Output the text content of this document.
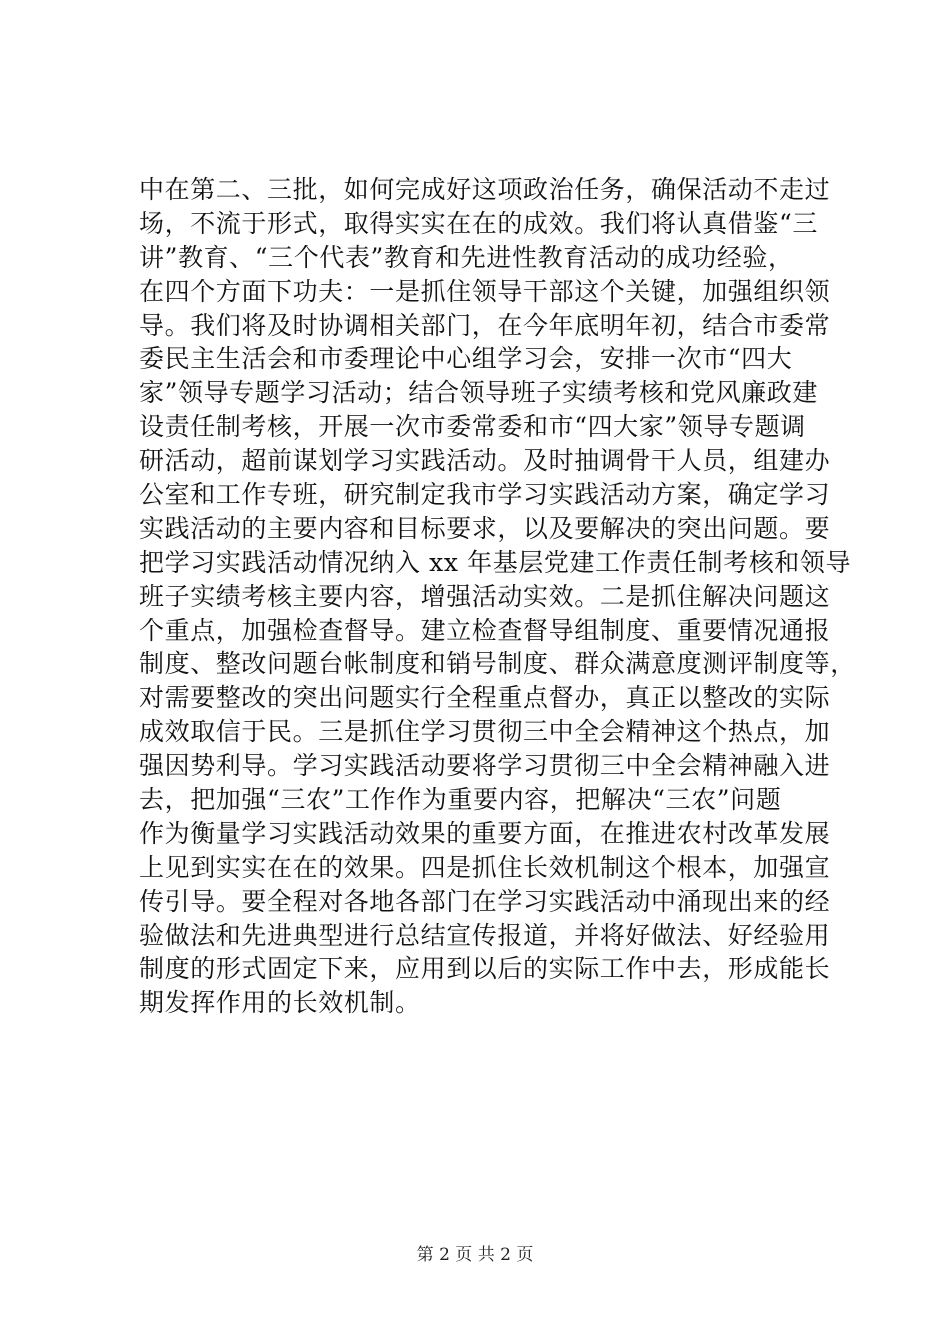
中在第二、三批，如何完成好这项政治任务，确保活动不走过
场，不流于形式，取得实实在在的成效。我们将认真借鉴“三
讲”教育、“三个代表”教育和先进性教育活动的成功经验，
在四个方面下功夫：一是抓住领导干部这个关键，加强组织领
导。我们将及时协调相关部门，在今年底明年初，结合市委常
委民主生活会和市委理论中心组学习会，安排一次市“四大
家”领导专题学习活动；结合领导班子实绩考核和党风廉政建
设责任制考核，开展一次市委常委和市“四大家”领导专题调
研活动，超前谋划学习实践活动。及时抽调骨干人员，组建办
公室和工作专班，研究制定我市学习实践活动方案，确定学习
实践活动的主要内容和目标要求，以及要解决的突出问题。要
把学习实践活动情况纳入 xx 年基层党建工作责任制考核和领导
班子实绩考核主要内容，增强活动实效。二是抓住解决问题这
个重点，加强检查督导。建立检查督导组制度、重要情况通报
制度、整改问题台帐制度和销号制度、群众满意度测评制度等，
对需要整改的突出问题实行全程重点督办，真正以整改的实际
成效取信于民。三是抓住学习贯彻三中全会精神这个热点，加
强因势利导。学习实践活动要将学习贯彻三中全会精神融入进
去，把加强“三农”工作作为重要内容，把解决“三农”问题
作为衡量学习实践活动效果的重要方面，在推进农村改革发展
上见到实实在在的效果。四是抓住长效机制这个根本，加强宣
传引导。要全程对各地各部门在学习实践活动中涌现出来的经
验做法和先进典型进行总结宣传报道，并将好做法、好经验用
制度的形式固定下来，应用到以后的实际工作中去，形成能长
期发挥作用的长效机制。
第 2 页 共 2 页
